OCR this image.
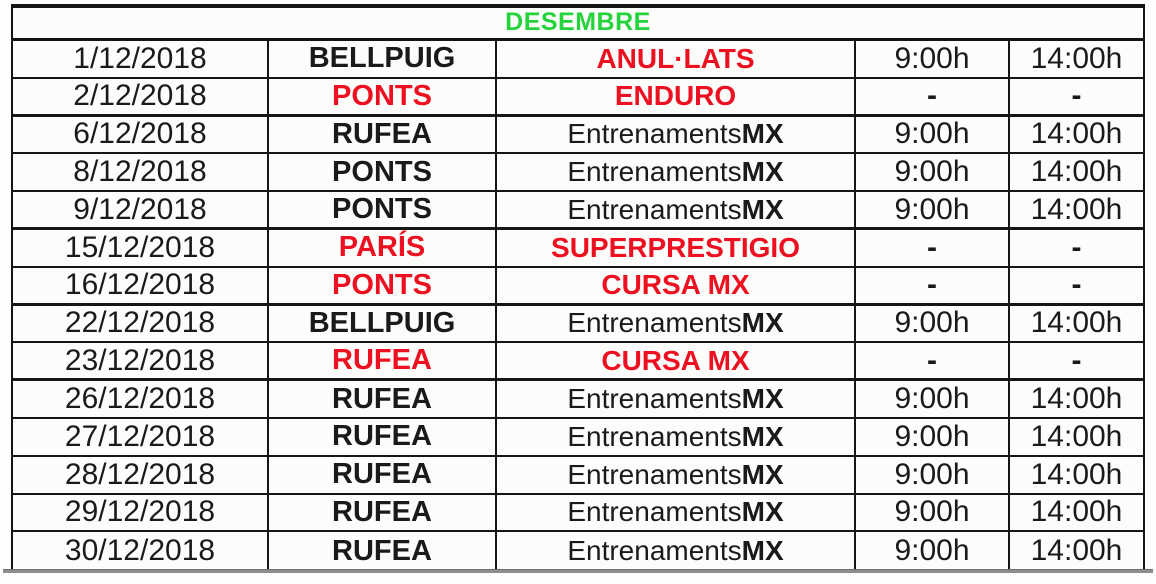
DESEMBRE
1/12/2018	BELLPUIG	ANUL·LATS	9:00h 14:00h
2/12/2018	PONTS	ENDURO	-	-
6/12/2018	RUFEA	Entrenaments MX	9:00h 14:00h
8/12/2018	PONTS	Entrenaments MX	9:00h 14:00h
9/12/2018	PONTS	Entrenaments MX	9:00h 14:00h
15/12/2018	PARÍS	SUPERPRESTIGIO	-	-
16/12/2018	PONTS	CURSA MX	-	-
22/12/2018	BELLPUIG	Entrenaments MX	9:00h 14:00h
23/12/2018	RUFEA	CURSA MX	-	-
26/12/2018	RUFEA	Entrenaments MX	9:00h 14:00h
27/12/2018	RUFEA	Entrenaments MX	9:00h 14:00h
28/12/2018	RUFEA	Entrenaments MX	9:00h 14:00h
29/12/2018	RUFEA	Entrenaments MX	9:00h 14:00h
30/12/2018	RUFEA	Entrenaments MX	9:00h 14:00h
